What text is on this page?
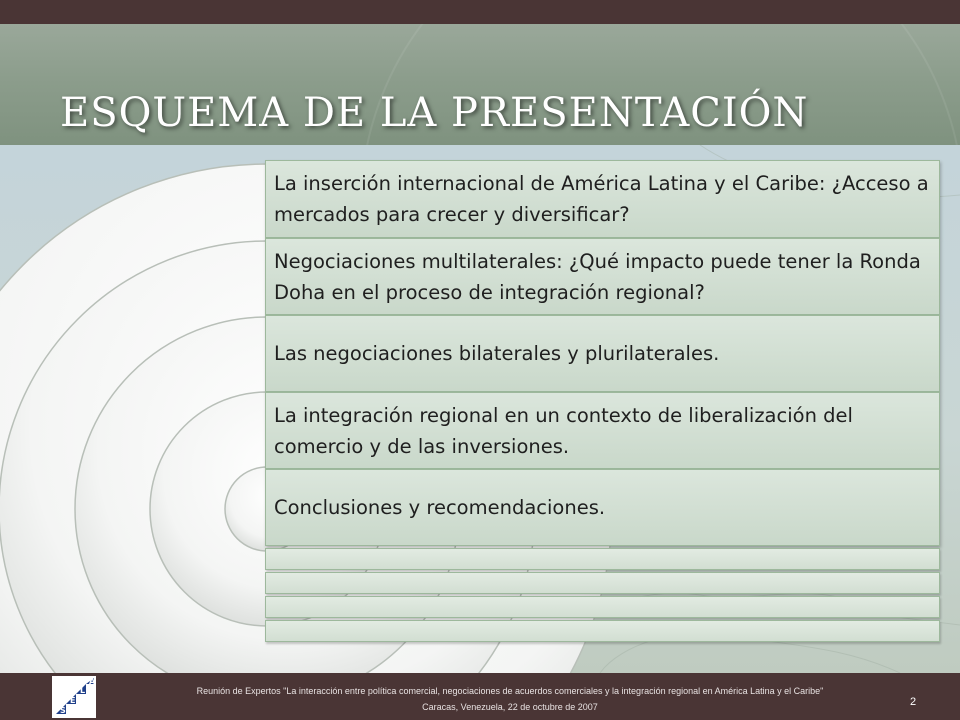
ESQUEMA DE LA PRESENTACIÓN
La inserción internacional de América Latina y el Caribe: ¿Acceso a mercados para crecer y diversificar?
Negociaciones multilaterales: ¿Qué impacto puede tener la Ronda Doha en el proceso de integración regional?
Las negociaciones bilaterales y plurilaterales.
La integración regional en un contexto de liberalización del comercio y de las inversiones.
Conclusiones y recomendaciones.
S
E
L
A
Reunión de Expertos "La interacción entre política comercial, negociaciones de acuerdos comerciales y la integración regional en América Latina y el Caribe"
Caracas, Venezuela, 22 de octubre de 2007	2
